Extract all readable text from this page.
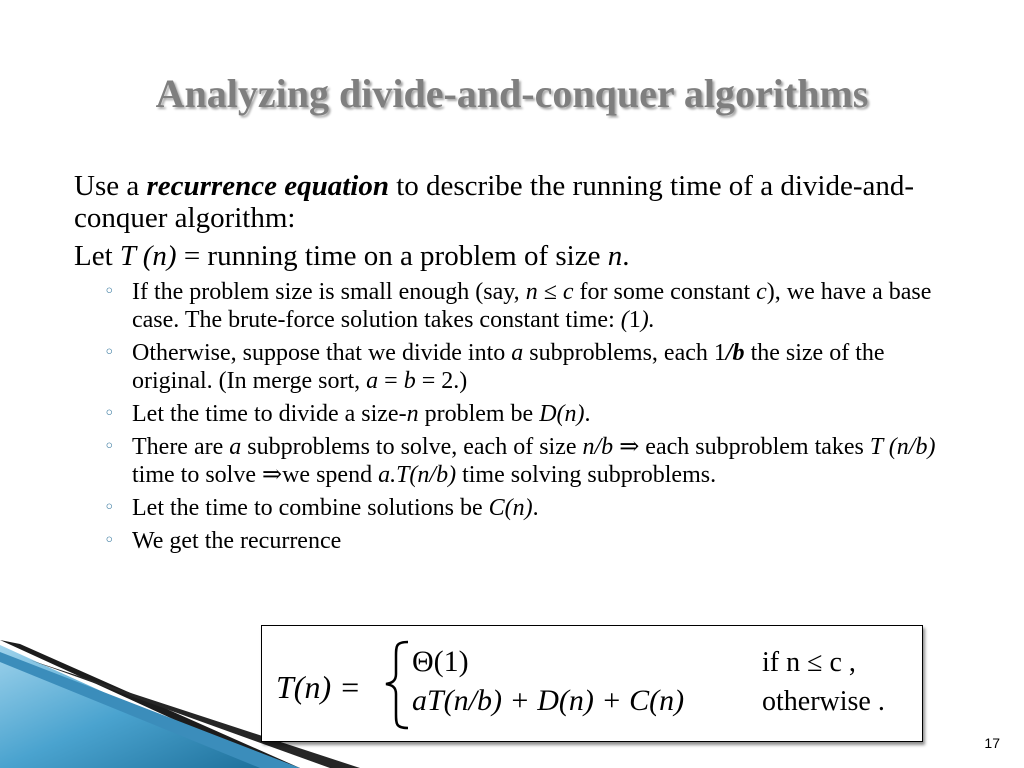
Analyzing divide-and-conquer algorithms

Use a recurrence equation to describe the running time of a divide-and-conquer algorithm:

Let T (n) = running time on a problem of size n.

◦ If the problem size is small enough (say, n ≤ c for some constant c), we have a base case. The brute-force solution takes constant time: (1).
◦ Otherwise, suppose that we divide into a subproblems, each 1/b the size of the original. (In merge sort, a = b = 2.)
◦ Let the time to divide a size-n problem be D(n).
◦ There are a subproblems to solve, each of size n/b ⇒ each subproblem takes T (n/b) time to solve ⇒we spend a.T(n/b) time solving subproblems.
◦ Let the time to combine solutions be C(n).
◦ We get the recurrence
T(n) =
Θ(1)	if n ≤ c ,
aT(n/b) + D(n) + C(n)	otherwise .
17
